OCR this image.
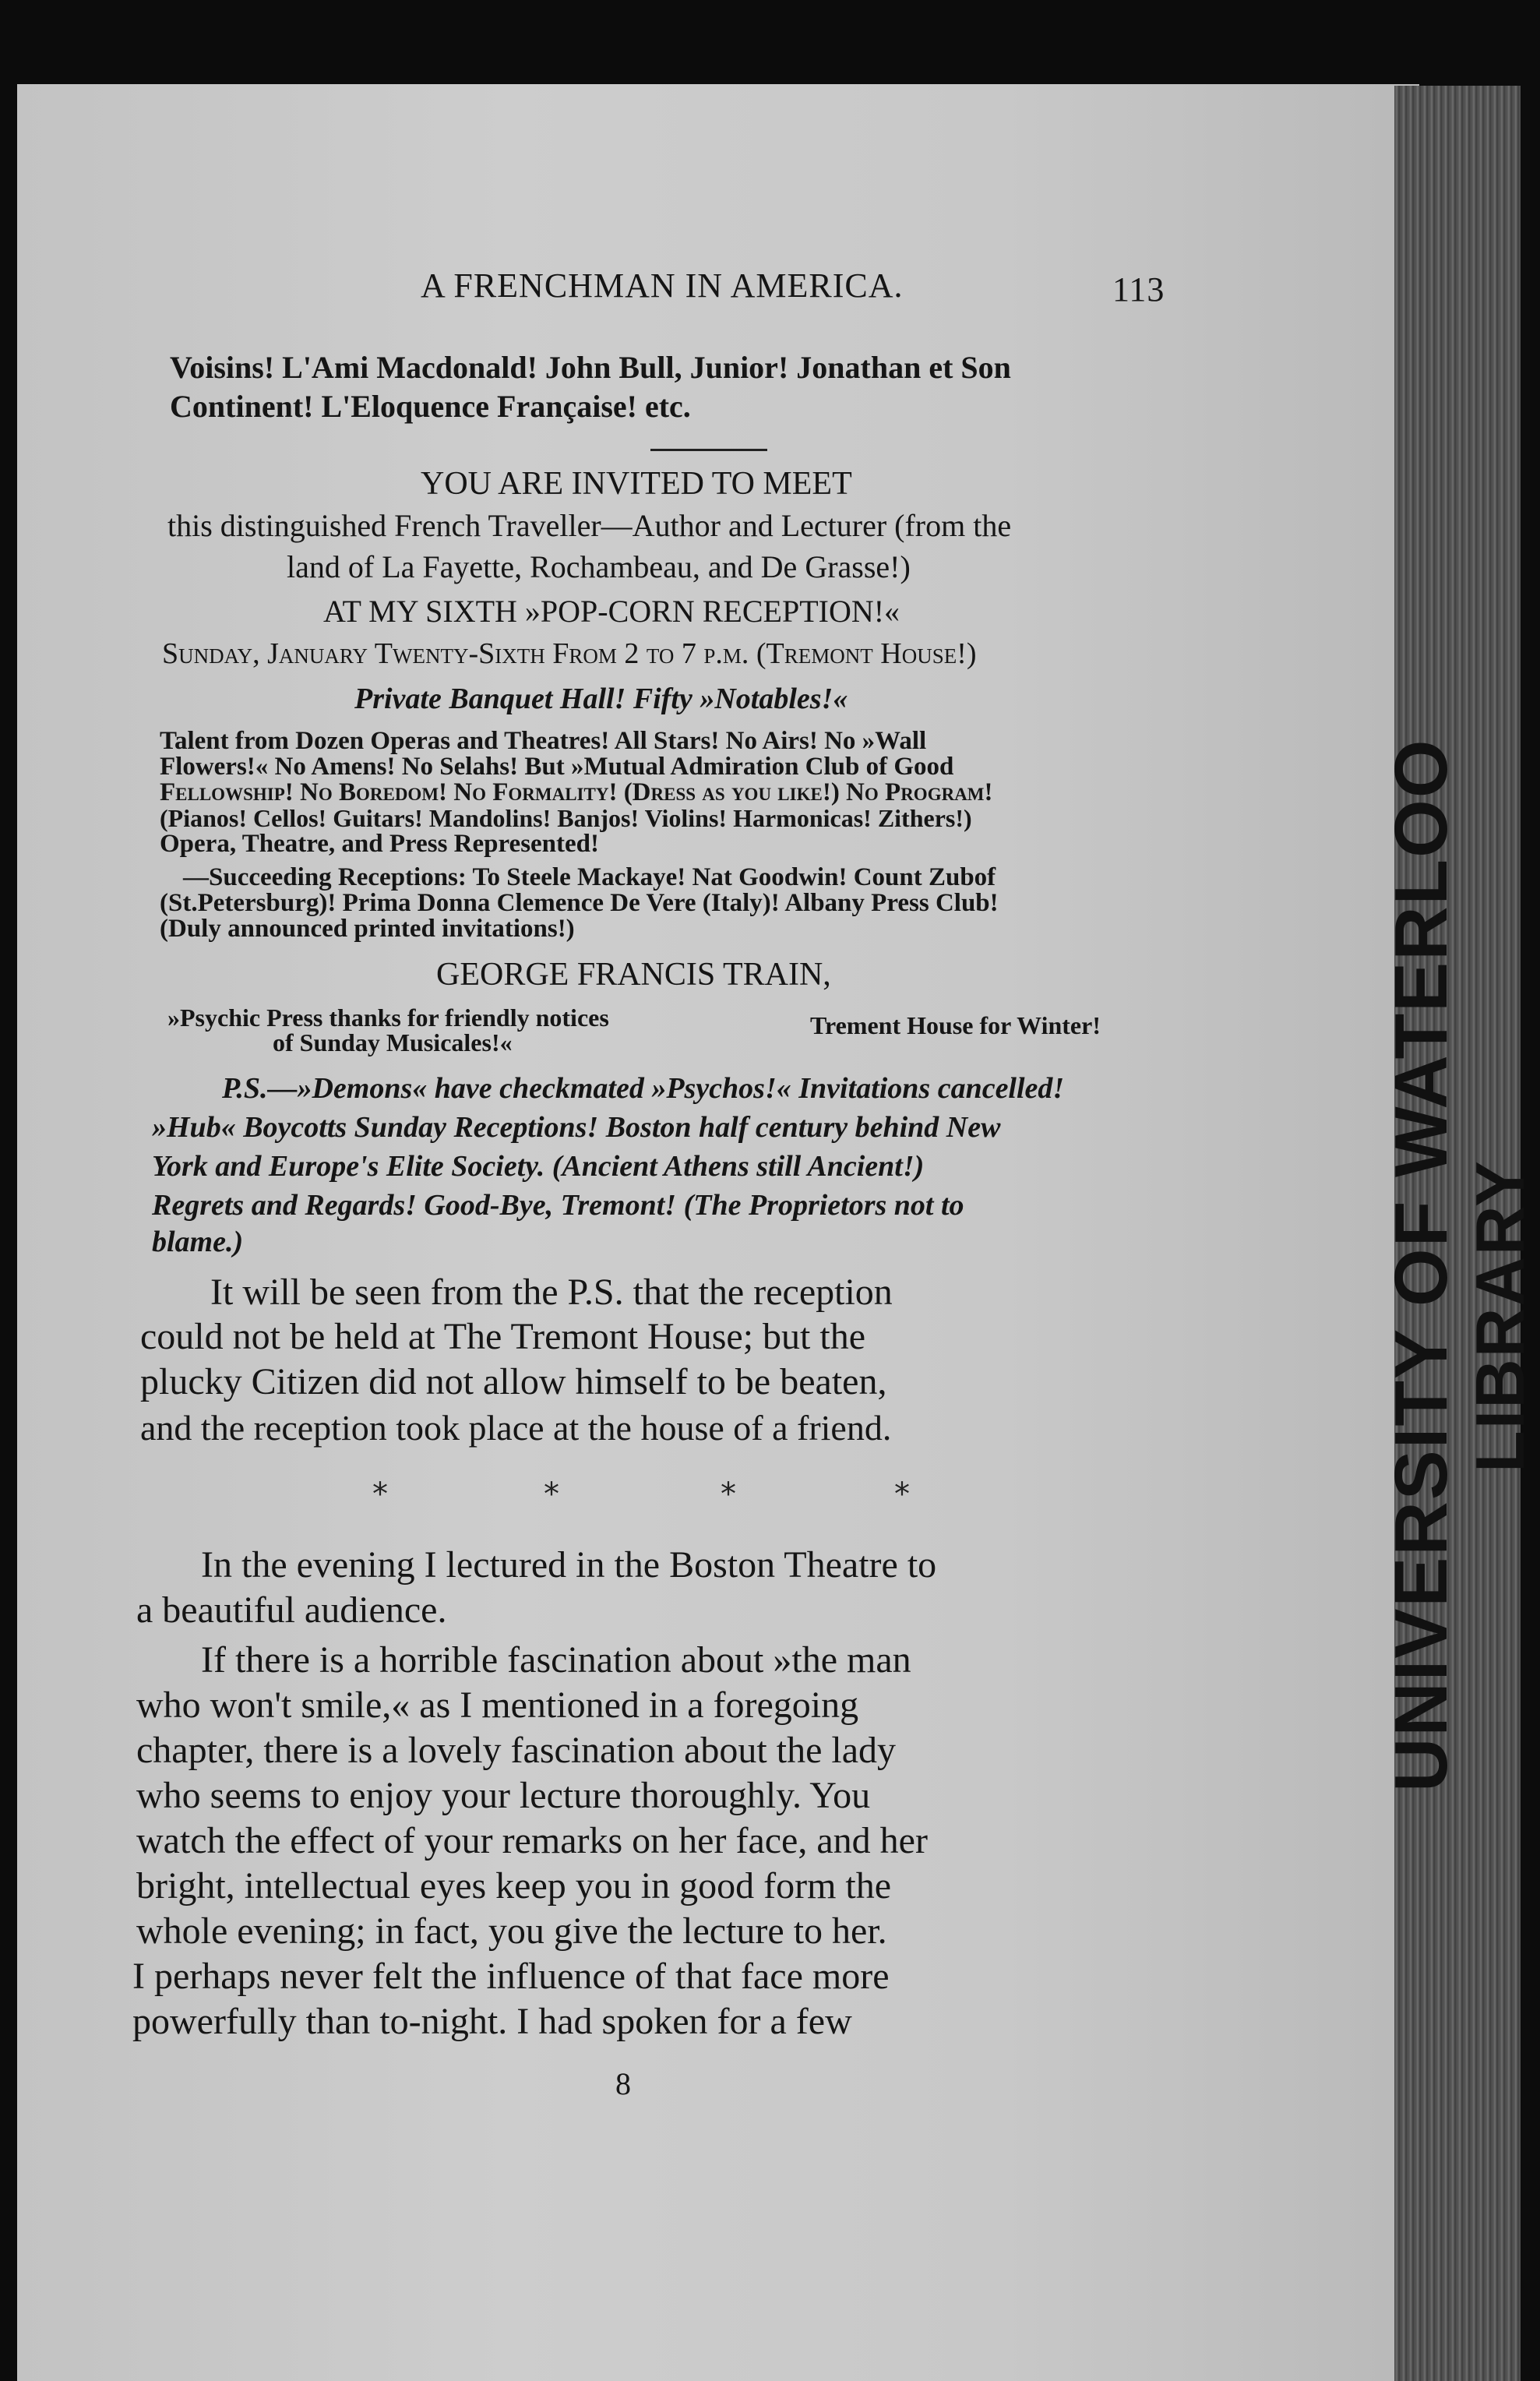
UNIVERSITY OF WATERLOO
LIBRARY
A FRENCHMAN IN AMERICA.	113
Voisins! L'Ami Macdonald! John Bull, Junior! Jonathan et Son
Continent! L'Eloquence Française! etc.
YOU ARE INVITED TO MEET
this distinguished French Traveller—Author and Lecturer (from the
land of La Fayette, Rochambeau, and De Grasse!)
AT MY SIXTH »POP-CORN RECEPTION!«
Sunday, January Twenty-Sixth From 2 to 7 p.m. (Tremont House!)
Private Banquet Hall! Fifty »Notables!«
Talent from Dozen Operas and Theatres! All Stars! No Airs! No »Wall
Flowers!« No Amens! No Selahs! But »Mutual Admiration Club of Good
Fellowship! No Boredom! No Formality! (Dress as you like!) No Program!
(Pianos! Cellos! Guitars! Mandolins! Banjos! Violins! Harmonicas! Zithers!)
Opera, Theatre, and Press Represented!
—Succeeding Receptions: To Steele Mackaye! Nat Goodwin! Count Zubof
(St.Petersburg)! Prima Donna Clemence De Vere (Italy)! Albany Press Club!
(Duly announced printed invitations!)
GEORGE FRANCIS TRAIN,
»Psychic Press thanks for friendly notices
of Sunday Musicales!«
Trement House for Winter!
P.S.—»Demons« have checkmated »Psychos!« Invitations cancelled!
»Hub« Boycotts Sunday Receptions! Boston half century behind New
York and Europe's Elite Society. (Ancient Athens still Ancient!)
Regrets and Regards! Good-Bye, Tremont! (The Proprietors not to
blame.)
It will be seen from the P.S. that the reception
could not be held at The Tremont House; but the
plucky Citizen did not allow himself to be beaten,
and the reception took place at the house of a friend.
*	*	*	*
In the evening I lectured in the Boston Theatre to
a beautiful audience.
If there is a horrible fascination about »the man
who won't smile,« as I mentioned in a foregoing
chapter, there is a lovely fascination about the lady
who seems to enjoy your lecture thoroughly. You
watch the effect of your remarks on her face, and her
bright, intellectual eyes keep you in good form the
whole evening; in fact, you give the lecture to her.
I perhaps never felt the influence of that face more
powerfully than to-night. I had spoken for a few
8
